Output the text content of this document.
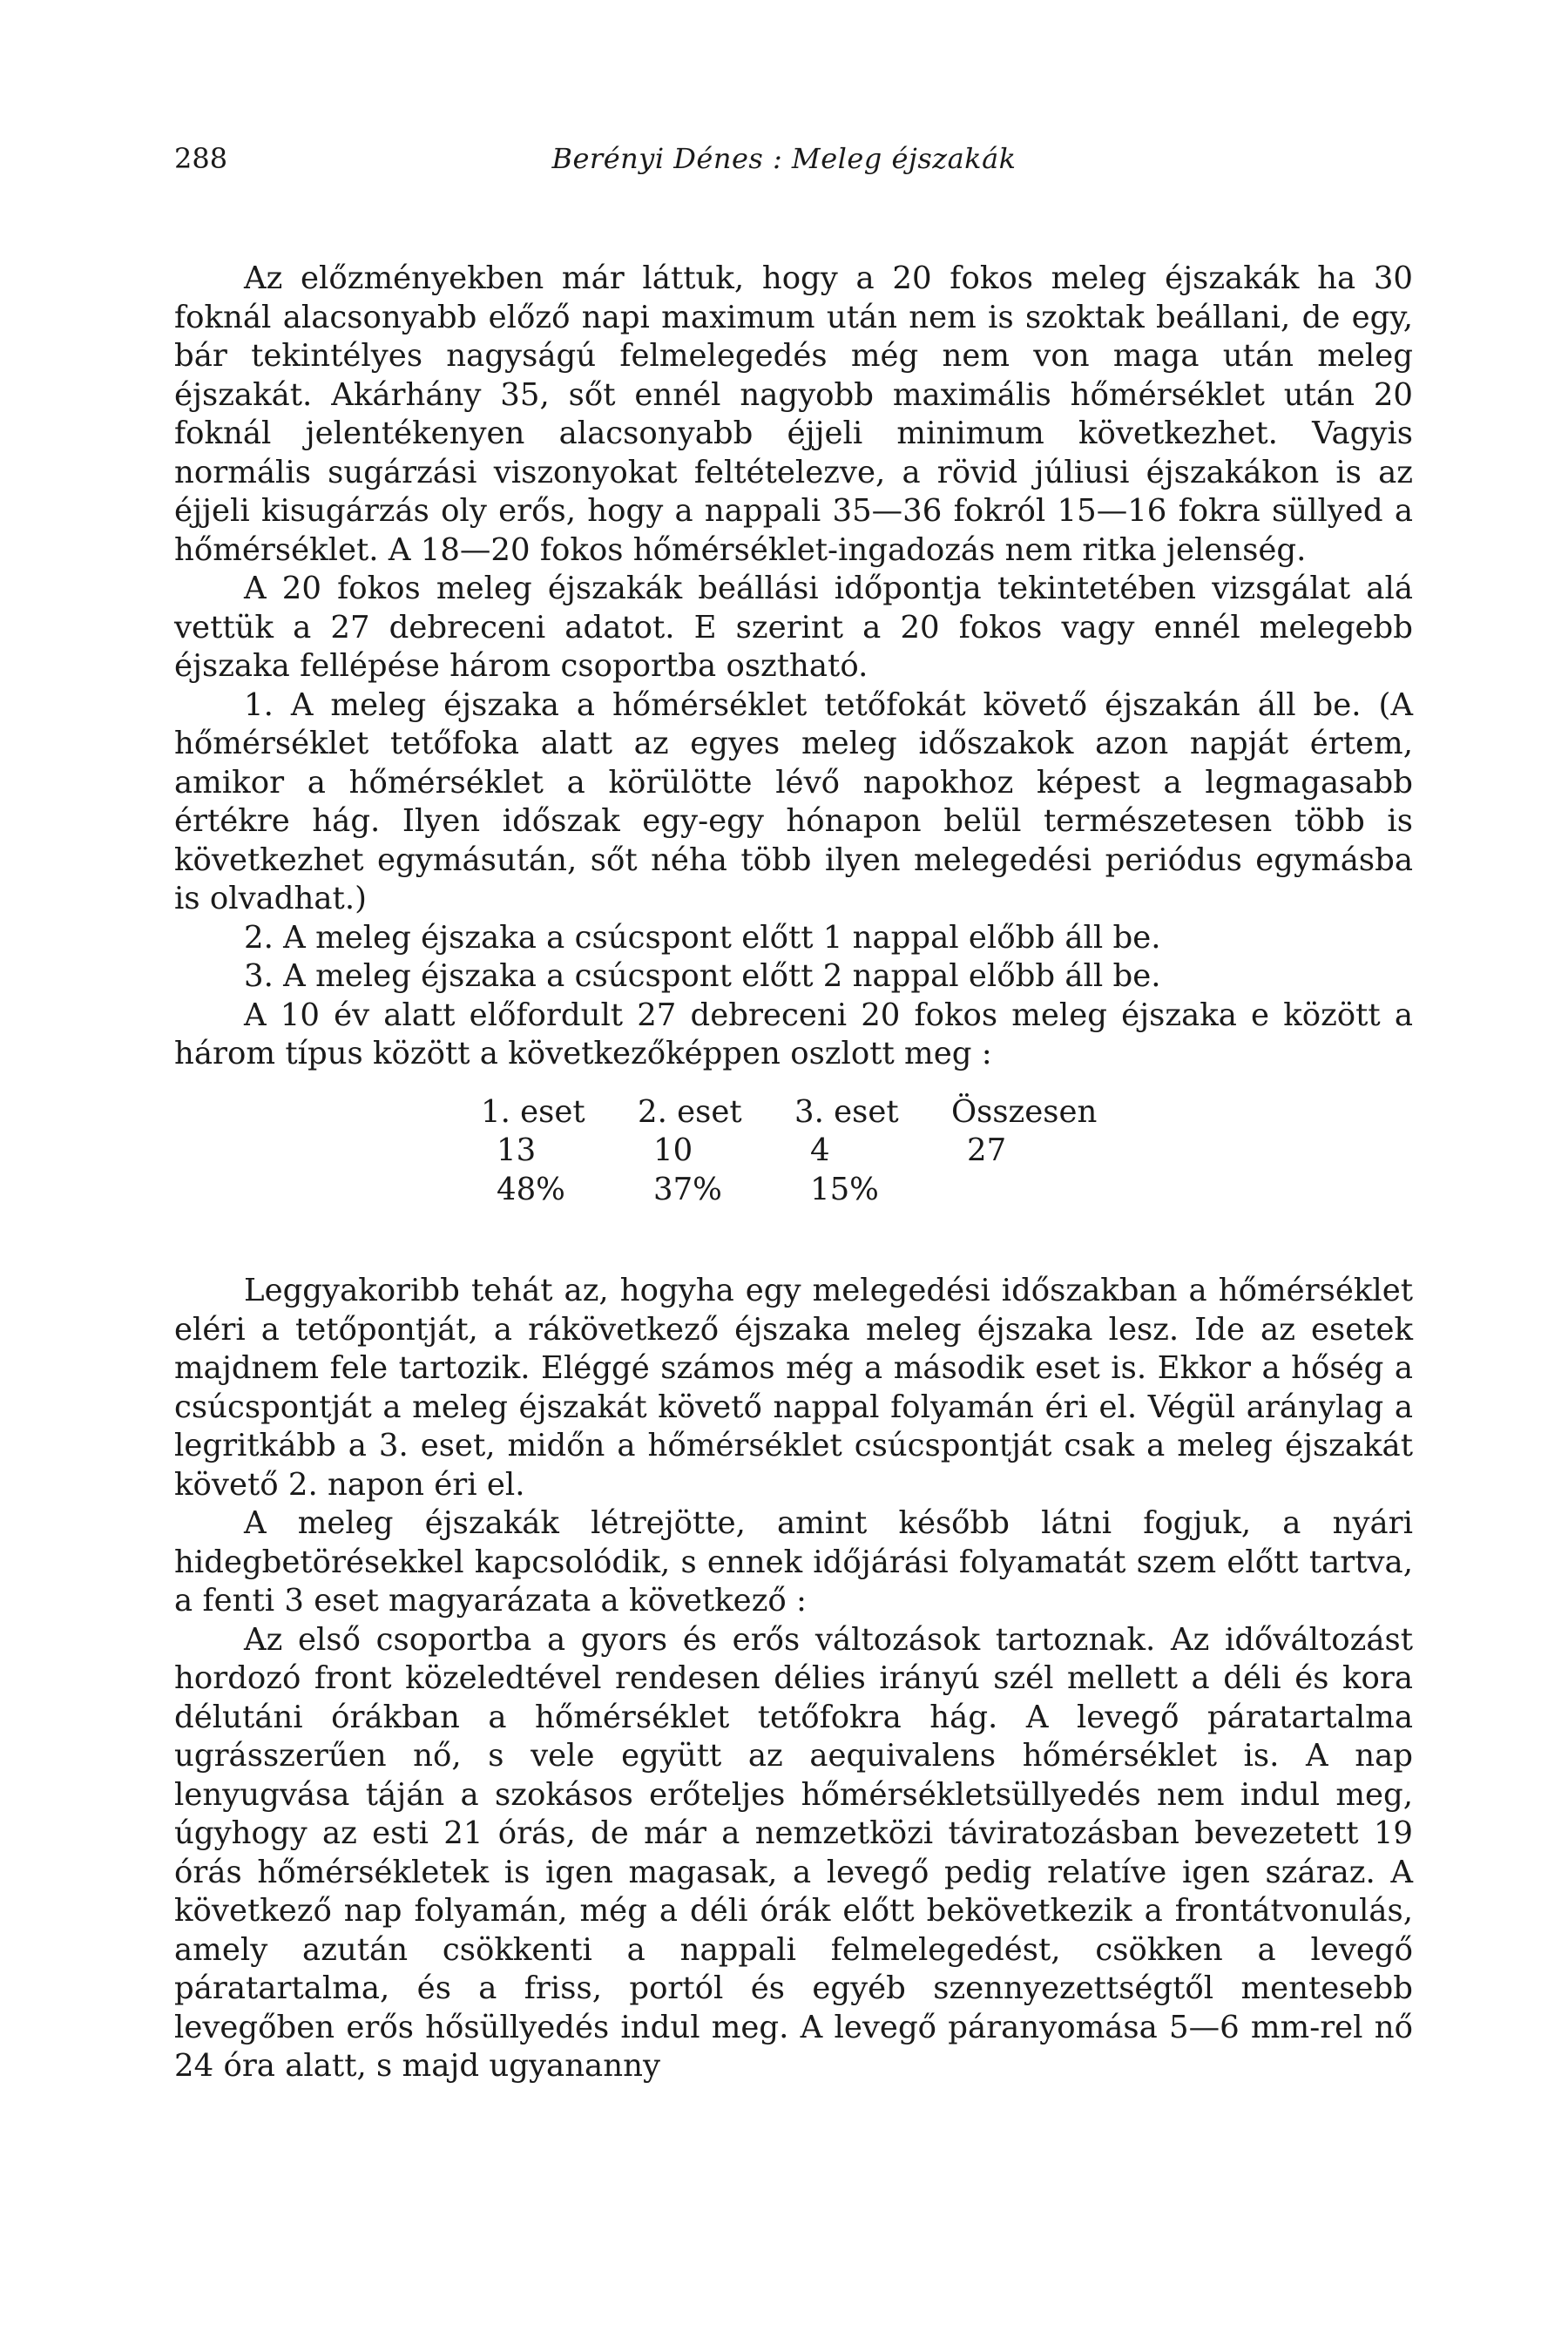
288	Berényi Dénes : Meleg éjszakák

Az előzményekben már láttuk, hogy a 20 fokos meleg éjszakák ha 30 foknál alacsonyabb előző napi maximum után nem is szoktak beállani, de egy, bár tekintélyes nagyságú felmelegedés még nem von maga után meleg éjszakát. Akárhány 35, sőt ennél nagyobb maximális hőmérséklet után 20 foknál jelentékenyen alacsonyabb éjjeli minimum következhet. Vagyis normális sugárzási viszonyokat feltételezve, a rövid júliusi éjszakákon is az éjjeli kisugárzás oly erős, hogy a nappali 35—36 fokról 15—16 fokra süllyed a hőmérséklet. A 18—20 fokos hőmérséklet-ingadozás nem ritka jelenség.

A 20 fokos meleg éjszakák beállási időpontja tekintetében vizsgálat alá vettük a 27 debreceni adatot. E szerint a 20 fokos vagy ennél melegebb éjszaka fellépése három csoportba osztható.

1. A meleg éjszaka a hőmérséklet tetőfokát követő éjszakán áll be. (A hőmérséklet tetőfoka alatt az egyes meleg időszakok azon napját értem, amikor a hőmérséklet a körülötte lévő napokhoz képest a legmagasabb értékre hág. Ilyen időszak egy-egy hónapon belül természetesen több is következhet egymásután, sőt néha több ilyen melegedési periódus egymásba is olvadhat.)

2. A meleg éjszaka a csúcspont előtt 1 nappal előbb áll be.

3. A meleg éjszaka a csúcspont előtt 2 nappal előbb áll be.

A 10 év alatt előfordult 27 debreceni 20 fokos meleg éjszaka e között a három típus között a következőképpen oszlott meg :

1. eset	2. eset	3. eset	Összesen
13	10	4	27
48%	37%	15%

Leggyakoribb tehát az, hogyha egy melegedési időszakban a hőmérséklet eléri a tetőpontját, a rákövetkező éjszaka meleg éjszaka lesz. Ide az esetek majdnem fele tartozik. Eléggé számos még a második eset is. Ekkor a hőség a csúcspontját a meleg éjszakát követő nappal folyamán éri el. Végül aránylag a legritkább a 3. eset, midőn a hőmérséklet csúcspontját csak a meleg éjszakát követő 2. napon éri el.

A meleg éjszakák létrejötte, amint később látni fogjuk, a nyári hidegbetörésekkel kapcsolódik, s ennek időjárási folyamatát szem előtt tartva, a fenti 3 eset magyarázata a következő :

Az első csoportba a gyors és erős változások tartoznak. Az időváltozást hordozó front közeledtével rendesen délies irányú szél mellett a déli és kora délutáni órákban a hőmérséklet tetőfokra hág. A levegő páratartalma ugrásszerűen nő, s vele együtt az aequivalens hőmérséklet is. A nap lenyugvása táján a szokásos erőteljes hőmérsékletsüllyedés nem indul meg, úgyhogy az esti 21 órás, de már a nemzetközi táviratozásban bevezetett 19 órás hőmérsékletek is igen magasak, a levegő pedig relatíve igen száraz. A következő nap folyamán, még a déli órák előtt bekövetkezik a frontátvonulás, amely azután csökkenti a nappali felmelegedést, csökken a levegő páratartalma, és a friss, portól és egyéb szennyezettségtől mentesebb levegőben erős hősüllyedés indul meg. A levegő páranyomása 5—6 mm-rel nő 24 óra alatt, s majd ugyananny
